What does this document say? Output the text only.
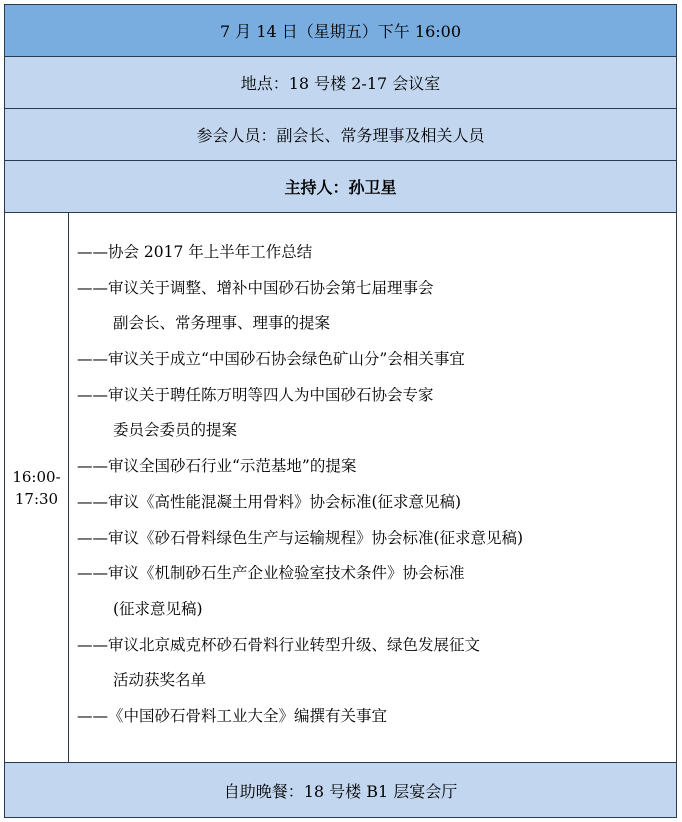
7 月 14 日（星期五）下午 16:00
地点：18 号楼 2-17 会议室
参会人员：副会长、常务理事及相关人员
主持人：孙卫星
16:00-
17:30
——协会 2017 年上半年工作总结
——审议关于调整、增补中国砂石协会第七届理事会
副会长、常务理事、理事的提案
——审议关于成立“中国砂石协会绿色矿山分”会相关事宜
——审议关于聘任陈万明等四人为中国砂石协会专家
委员会委员的提案
——审议全国砂石行业“示范基地”的提案
——审议《高性能混凝土用骨料》协会标准(征求意见稿)
——审议《砂石骨料绿色生产与运输规程》协会标准(征求意见稿)
——审议《机制砂石生产企业检验室技术条件》协会标准
(征求意见稿)
——审议北京威克杯砂石骨料行业转型升级、绿色发展征文
活动获奖名单
——《中国砂石骨料工业大全》编撰有关事宜
自助晚餐：18 号楼 B1 层宴会厅
